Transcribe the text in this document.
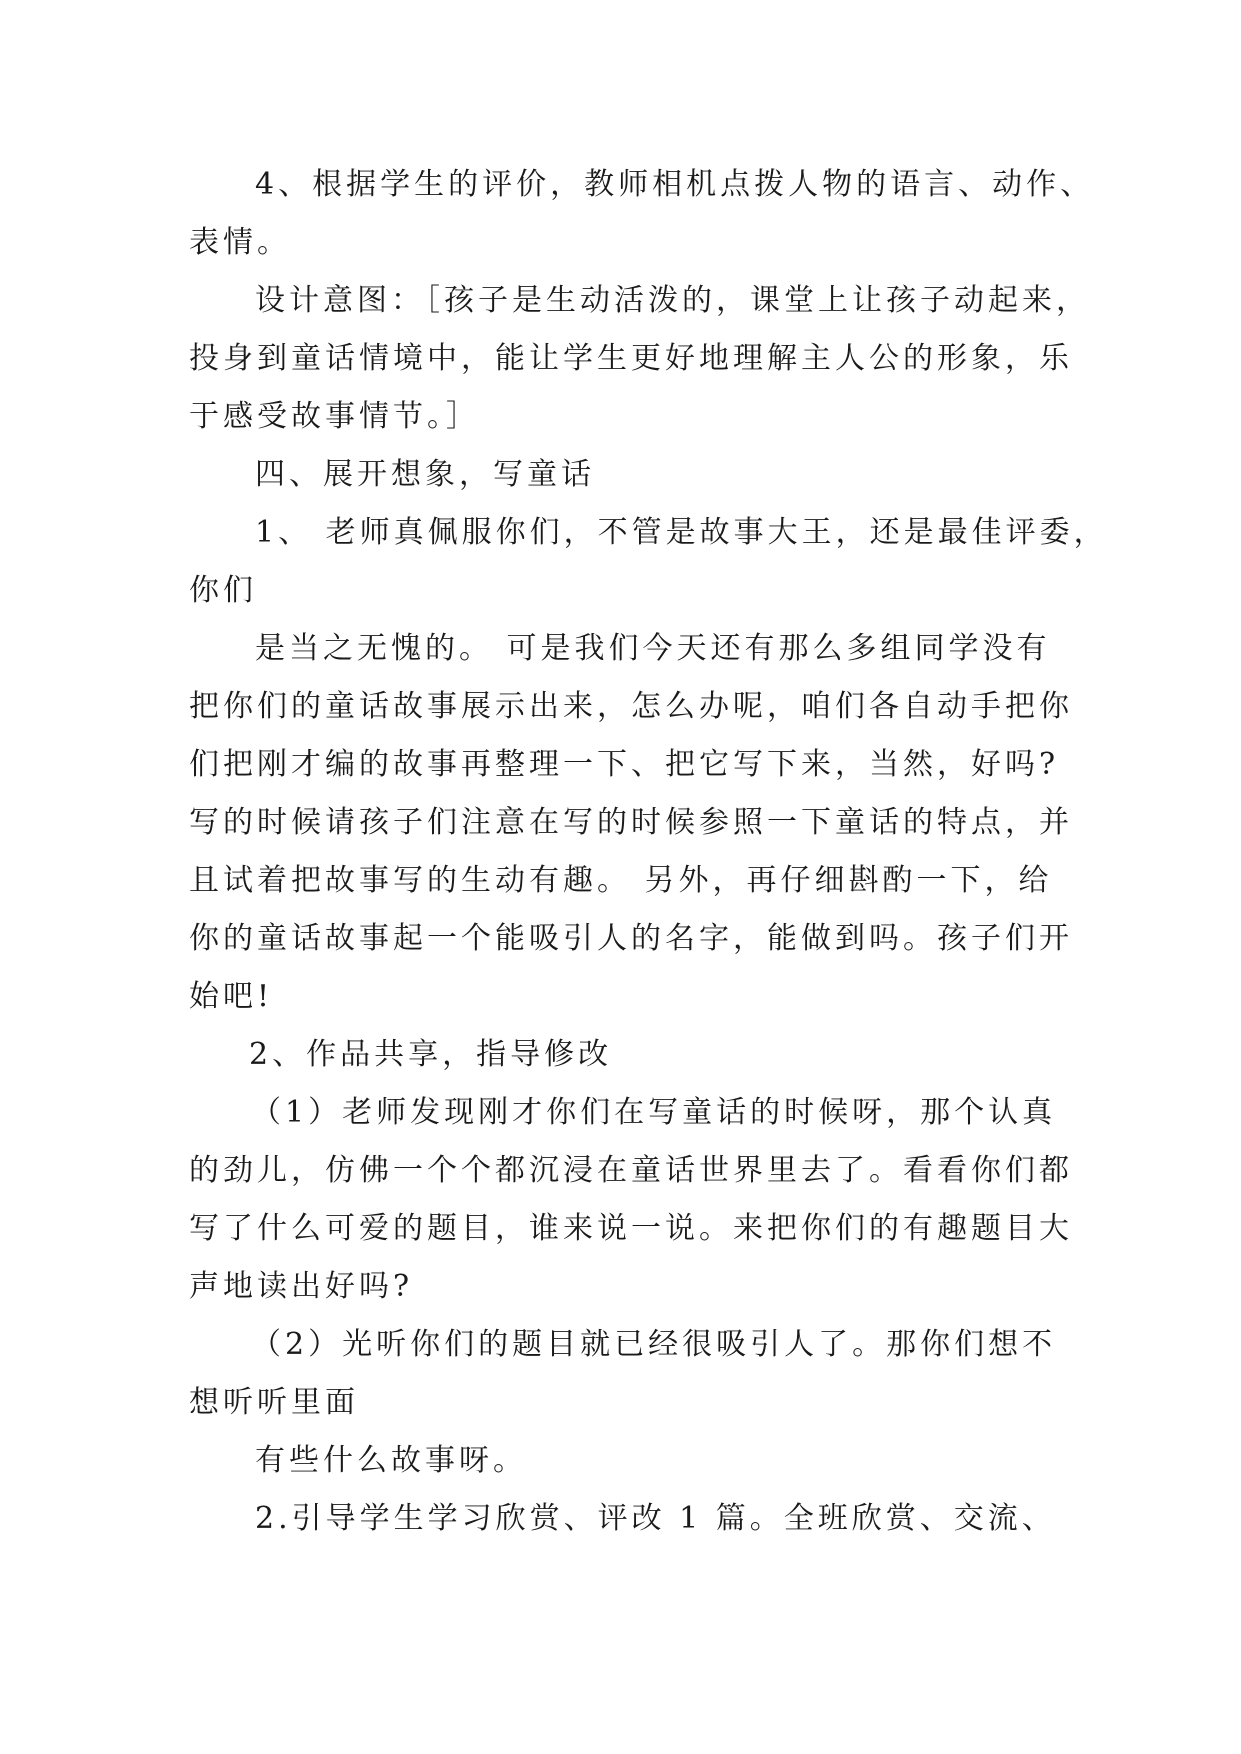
4、根据学生的评价，教师相机点拨人物的语言、动作、
表情。
设计意图：［孩子是生动活泼的，课堂上让孩子动起来，
投身到童话情境中，能让学生更好地理解主人公的形象，乐
于感受故事情节。］
四、展开想象，写童话
1、 老师真佩服你们，不管是故事大王，还是最佳评委，
你们
是当之无愧的。 可是我们今天还有那么多组同学没有
把你们的童话故事展示出来，怎么办呢，咱们各自动手把你
们把刚才编的故事再整理一下、把它写下来，当然，好吗?
写的时候请孩子们注意在写的时候参照一下童话的特点，并
且试着把故事写的生动有趣。 另外，再仔细斟酌一下，给
你的童话故事起一个能吸引人的名字，能做到吗。孩子们开
始吧!
2、作品共享，指导修改
（1）老师发现刚才你们在写童话的时候呀，那个认真
的劲儿，仿佛一个个都沉浸在童话世界里去了。看看你们都
写了什么可爱的题目，谁来说一说。来把你们的有趣题目大
声地读出好吗?
（2）光听你们的题目就已经很吸引人了。那你们想不
想听听里面
有些什么故事呀。
2.引导学生学习欣赏、评改 1 篇。全班欣赏、交流、
